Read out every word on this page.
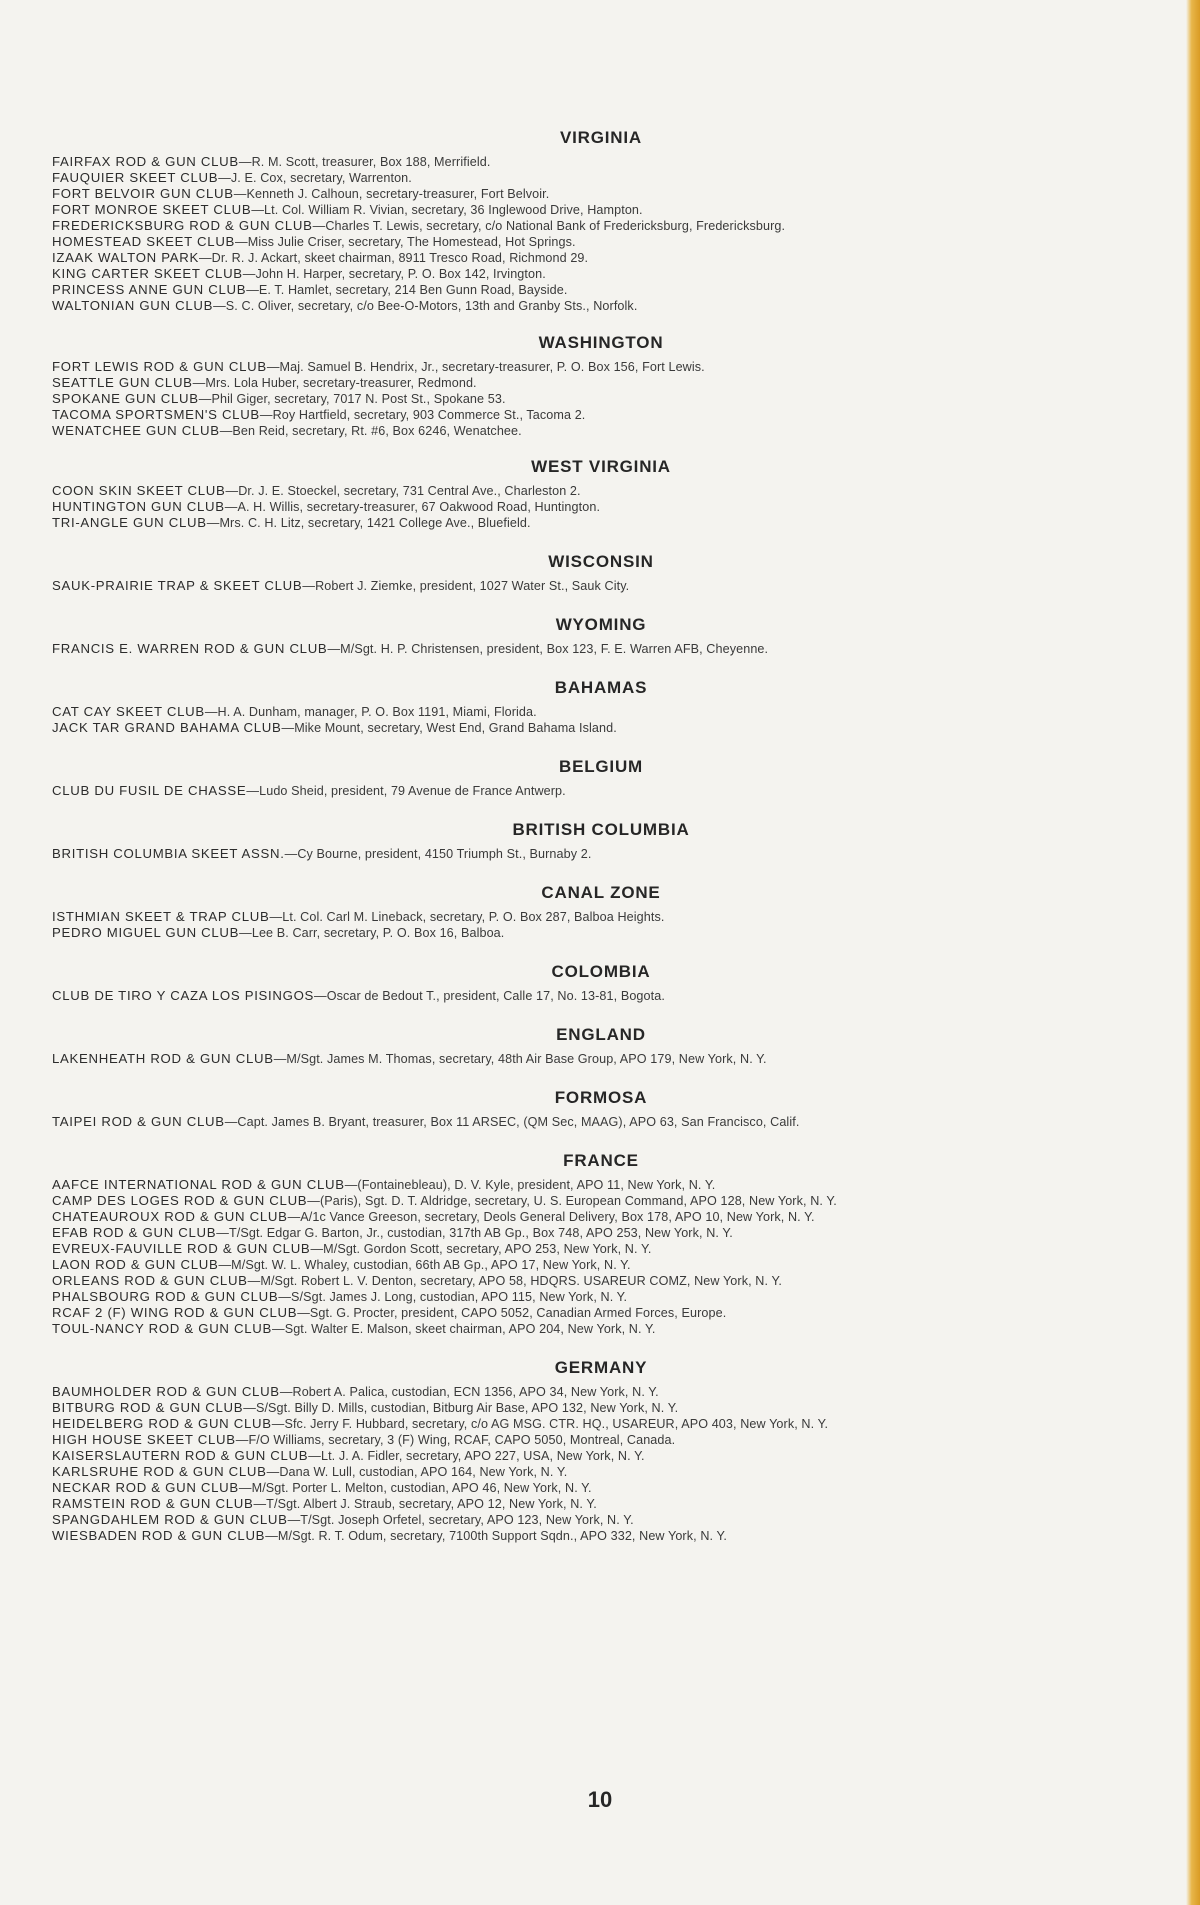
VIRGINIA
FAIRFAX ROD & GUN CLUB—R. M. Scott, treasurer, Box 188, Merrifield.
FAUQUIER SKEET CLUB—J. E. Cox, secretary, Warrenton.
FORT BELVOIR GUN CLUB—Kenneth J. Calhoun, secretary-treasurer, Fort Belvoir.
FORT MONROE SKEET CLUB—Lt. Col. William R. Vivian, secretary, 36 Inglewood Drive, Hampton.
FREDERICKSBURG ROD & GUN CLUB—Charles T. Lewis, secretary, c/o National Bank of Fredericksburg, Fredericksburg.
HOMESTEAD SKEET CLUB—Miss Julie Criser, secretary, The Homestead, Hot Springs.
IZAAK WALTON PARK—Dr. R. J. Ackart, skeet chairman, 8911 Tresco Road, Richmond 29.
KING CARTER SKEET CLUB—John H. Harper, secretary, P. O. Box 142, Irvington.
PRINCESS ANNE GUN CLUB—E. T. Hamlet, secretary, 214 Ben Gunn Road, Bayside.
WALTONIAN GUN CLUB—S. C. Oliver, secretary, c/o Bee-O-Motors, 13th and Granby Sts., Norfolk.
WASHINGTON
FORT LEWIS ROD & GUN CLUB—Maj. Samuel B. Hendrix, Jr., secretary-treasurer, P. O. Box 156, Fort Lewis.
SEATTLE GUN CLUB—Mrs. Lola Huber, secretary-treasurer, Redmond.
SPOKANE GUN CLUB—Phil Giger, secretary, 7017 N. Post St., Spokane 53.
TACOMA SPORTSMEN'S CLUB—Roy Hartfield, secretary, 903 Commerce St., Tacoma 2.
WENATCHEE GUN CLUB—Ben Reid, secretary, Rt. #6, Box 6246, Wenatchee.
WEST VIRGINIA
COON SKIN SKEET CLUB—Dr. J. E. Stoeckel, secretary, 731 Central Ave., Charleston 2.
HUNTINGTON GUN CLUB—A. H. Willis, secretary-treasurer, 67 Oakwood Road, Huntington.
TRI-ANGLE GUN CLUB—Mrs. C. H. Litz, secretary, 1421 College Ave., Bluefield.
WISCONSIN
SAUK-PRAIRIE TRAP & SKEET CLUB—Robert J. Ziemke, president, 1027 Water St., Sauk City.
WYOMING
FRANCIS E. WARREN ROD & GUN CLUB—M/Sgt. H. P. Christensen, president, Box 123, F. E. Warren AFB, Cheyenne.
BAHAMAS
CAT CAY SKEET CLUB—H. A. Dunham, manager, P. O. Box 1191, Miami, Florida.
JACK TAR GRAND BAHAMA CLUB—Mike Mount, secretary, West End, Grand Bahama Island.
BELGIUM
CLUB DU FUSIL DE CHASSE—Ludo Sheid, president, 79 Avenue de France Antwerp.
BRITISH COLUMBIA
BRITISH COLUMBIA SKEET ASSN.—Cy Bourne, president, 4150 Triumph St., Burnaby 2.
CANAL ZONE
ISTHMIAN SKEET & TRAP CLUB—Lt. Col. Carl M. Lineback, secretary, P. O. Box 287, Balboa Heights.
PEDRO MIGUEL GUN CLUB—Lee B. Carr, secretary, P. O. Box 16, Balboa.
COLOMBIA
CLUB DE TIRO Y CAZA LOS PISINGOS—Oscar de Bedout T., president, Calle 17, No. 13-81, Bogota.
ENGLAND
LAKENHEATH ROD & GUN CLUB—M/Sgt. James M. Thomas, secretary, 48th Air Base Group, APO 179, New York, N. Y.
FORMOSA
TAIPEI ROD & GUN CLUB—Capt. James B. Bryant, treasurer, Box 11 ARSEC, (QM Sec, MAAG), APO 63, San Francisco, Calif.
FRANCE
AAFCE INTERNATIONAL ROD & GUN CLUB—(Fontainebleau), D. V. Kyle, president, APO 11, New York, N. Y.
CAMP DES LOGES ROD & GUN CLUB—(Paris), Sgt. D. T. Aldridge, secretary, U. S. European Command, APO 128, New York, N. Y.
CHATEAUROUX ROD & GUN CLUB—A/1c Vance Greeson, secretary, Deols General Delivery, Box 178, APO 10, New York, N. Y.
EFAB ROD & GUN CLUB—T/Sgt. Edgar G. Barton, Jr., custodian, 317th AB Gp., Box 748, APO 253, New York, N. Y.
EVREUX-FAUVILLE ROD & GUN CLUB—M/Sgt. Gordon Scott, secretary, APO 253, New York, N. Y.
LAON ROD & GUN CLUB—M/Sgt. W. L. Whaley, custodian, 66th AB Gp., APO 17, New York, N. Y.
ORLEANS ROD & GUN CLUB—M/Sgt. Robert L. V. Denton, secretary, APO 58, HDQRS. USAREUR COMZ, New York, N. Y.
PHALSBOURG ROD & GUN CLUB—S/Sgt. James J. Long, custodian, APO 115, New York, N. Y.
RCAF 2 (F) WING ROD & GUN CLUB—Sgt. G. Procter, president, CAPO 5052, Canadian Armed Forces, Europe.
TOUL-NANCY ROD & GUN CLUB—Sgt. Walter E. Malson, skeet chairman, APO 204, New York, N. Y.
GERMANY
BAUMHOLDER ROD & GUN CLUB—Robert A. Palica, custodian, ECN 1356, APO 34, New York, N. Y.
BITBURG ROD & GUN CLUB—S/Sgt. Billy D. Mills, custodian, Bitburg Air Base, APO 132, New York, N. Y.
HEIDELBERG ROD & GUN CLUB—Sfc. Jerry F. Hubbard, secretary, c/o AG MSG. CTR. HQ., USAREUR, APO 403, New York, N. Y.
HIGH HOUSE SKEET CLUB—F/O Williams, secretary, 3 (F) Wing, RCAF, CAPO 5050, Montreal, Canada.
KAISERSLAUTERN ROD & GUN CLUB—Lt. J. A. Fidler, secretary, APO 227, USA, New York, N. Y.
KARLSRUHE ROD & GUN CLUB—Dana W. Lull, custodian, APO 164, New York, N. Y.
NECKAR ROD & GUN CLUB—M/Sgt. Porter L. Melton, custodian, APO 46, New York, N. Y.
RAMSTEIN ROD & GUN CLUB—T/Sgt. Albert J. Straub, secretary, APO 12, New York, N. Y.
SPANGDAHLEM ROD & GUN CLUB—T/Sgt. Joseph Orfetel, secretary, APO 123, New York, N. Y.
WIESBADEN ROD & GUN CLUB—M/Sgt. R. T. Odum, secretary, 7100th Support Sqdn., APO 332, New York, N. Y.
10
